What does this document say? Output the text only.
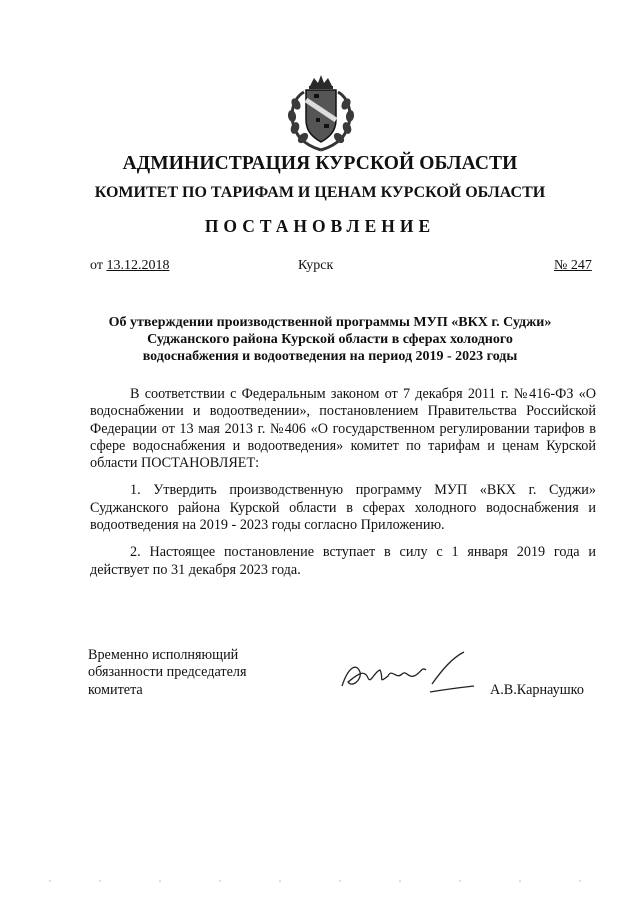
АДМИНИСТРАЦИЯ КУРСКОЙ ОБЛАСТИ
КОМИТЕТ ПО ТАРИФАМ И ЦЕНАМ КУРСКОЙ ОБЛАСТИ
ПОСТАНОВЛЕНИЕ
от 13.12.2018	Курск	№ 247
Об утверждении производственной программы МУП «ВКХ г. Суджи»
Суджанского района Курской области в сферах холодного
водоснабжения и водоотведения на период 2019 - 2023 годы

В соответствии с Федеральным законом от 7 декабря 2011 г. №416-ФЗ «О водоснабжении и водоотведении», постановлением Правительства Российской Федерации от 13 мая 2013 г. №406 «О государственном регулировании тарифов в сфере водоснабжения и водоотведения» комитет по тарифам и ценам Курской области ПОСТАНОВЛЯЕТ:

1. Утвердить производственную программу МУП «ВКХ г. Суджи» Суджанского района Курской области в сферах холодного водоснабжения и водоотведения на 2019 - 2023 годы согласно Приложению.

2. Настоящее постановление вступает в силу с 1 января 2019 года и действует по 31 декабря 2023 года.

Временно исполняющий
обязанности председателя
комитета	А.В.Карнаушко
